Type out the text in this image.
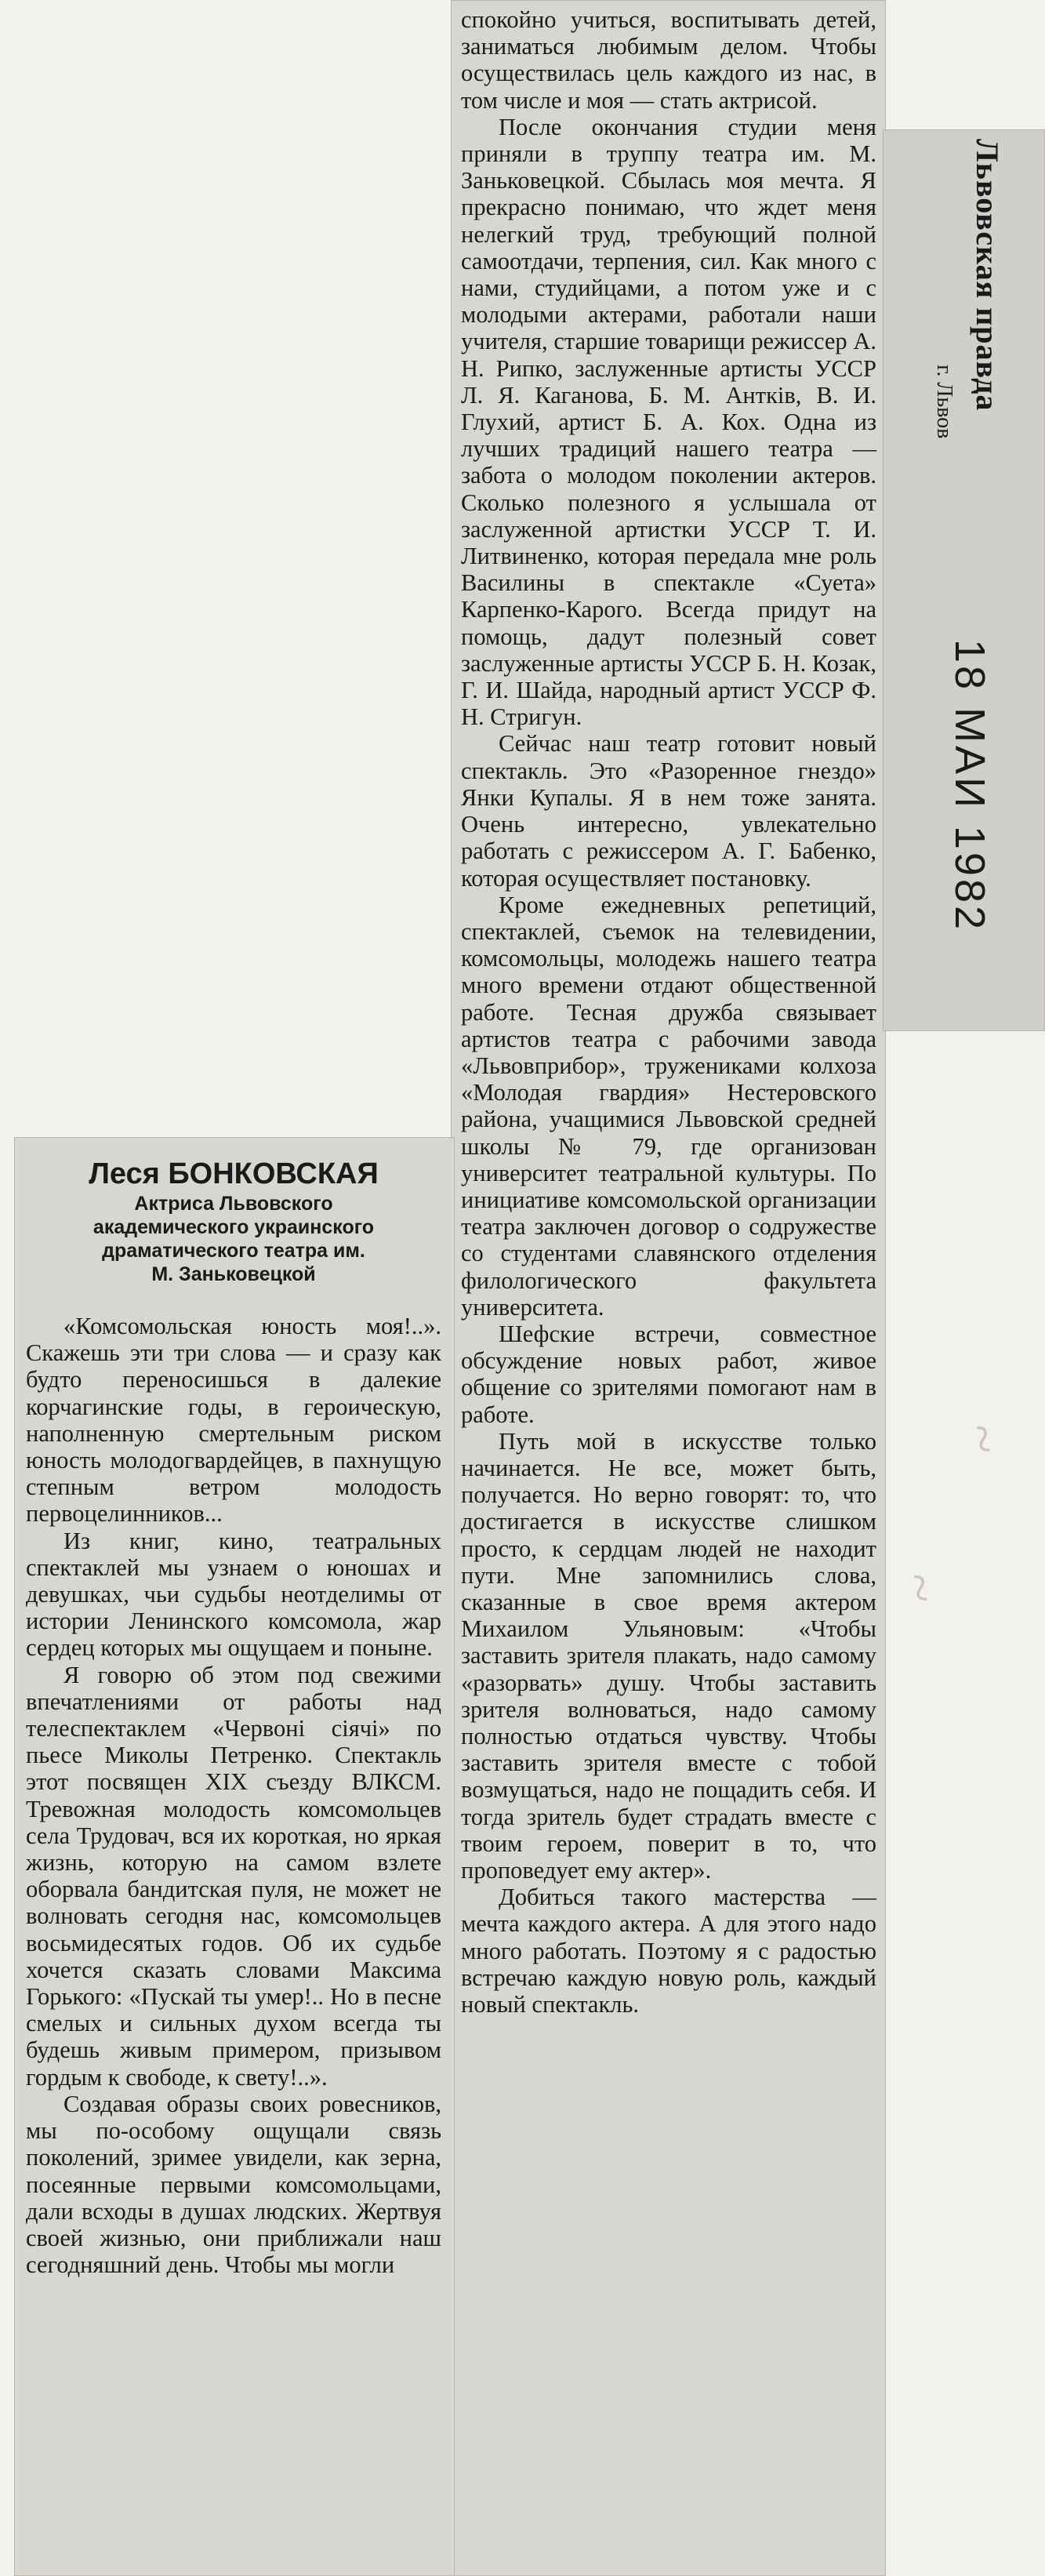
Львовская правда
г. Львов
18 МАИ 1982
~
~
Леся БОНКОВСКАЯ
Актриса Львовского
академического украинского
драматического театра им.
М. Заньковецкой

«Комсомольская юность моя!..». Скажешь эти три слова — и сразу как будто переносишься в далекие корчагинские годы, в героическую, наполненную смертельным риском юность молодогвардейцев, в пахнущую степным ветром молодость первоцелинников...

Из книг, кино, театральных спектаклей мы узнаем о юношах и девушках, чьи судьбы неотделимы от истории Ленинского комсомола, жар сердец которых мы ощущаем и поныне.

Я говорю об этом под свежими впечатлениями от работы над телеспектаклем «Червоні сiячi» по пьесе Миколы Петренко. Спектакль этот посвящен XIX съезду ВЛКСМ. Тревожная молодость комсомольцев села Трудовач, вся их короткая, но яркая жизнь, которую на самом взлете оборвала бандитская пуля, не может не волновать сегодня нас, комсомольцев восьмидесятых годов. Об их судьбе хочется сказать словами Максима Горького: «Пускай ты умер!.. Но в песне смелых и сильных духом всегда ты будешь живым примером, призывом гордым к свободе, к свету!..».

Создавая образы своих ровесников, мы по-особому ощущали связь поколений, зримее увидели, как зерна, посеянные первыми комсомольцами, дали всходы в душах людских. Жертвуя своей жизнью, они приближали наш сегодняшний день. Чтобы мы могли

спокойно учиться, воспитывать детей, заниматься любимым делом. Чтобы осуществилась цель каждого из нас, в том числе и моя — стать актрисой.

После окончания студии меня приняли в труппу театра им. М. Заньковецкой. Сбылась моя мечта. Я прекрасно понимаю, что ждет меня нелегкий труд, требующий полной самоотдачи, терпения, сил. Как много с нами, студийцами, а потом уже и с молодыми актерами, работали наши учителя, старшие товарищи режиссер А. Н. Рипко, заслуженные артисты УССР Л. Я. Каганова, Б. М. Антків, В. И. Глухий, артист Б. А. Кох. Одна из лучших традиций нашего театра — забота о молодом поколении актеров. Сколько полезного я услышала от заслуженной артистки УССР Т. И. Литвиненко, которая передала мне роль Василины в спектакле «Суета» Карпенко-Карого. Всегда придут на помощь, дадут полезный совет заслуженные артисты УССР Б. Н. Козак, Г. И. Шайда, народный артист УССР Ф. Н. Стригун.

Сейчас наш театр готовит новый спектакль. Это «Разоренное гнездо» Янки Купалы. Я в нем тоже занята. Очень интересно, увлекательно работать с режиссером А. Г. Бабенко, которая осуществляет постановку.

Кроме ежедневных репетиций, спектаклей, съемок на телевидении, комсомольцы, молодежь нашего театра много времени отдают общественной работе. Тесная дружба связывает артистов театра с рабочими завода «Львовприбор», тружениками колхоза «Молодая гвардия» Нестеровского района, учащимися Львовской средней школы № 79, где организован университет театральной культуры. По инициативе комсомольской организации театра заключен договор о содружестве со студентами славянского отделения филологического факультета университета.

Шефские встречи, совместное обсуждение новых работ, живое общение со зрителями помогают нам в работе.

Путь мой в искусстве только начинается. Не все, может быть, получается. Но верно говорят: то, что достигается в искусстве слишком просто, к сердцам людей не находит пути. Мне запомнились слова, сказанные в свое время актером Михаилом Ульяновым: «Чтобы заставить зрителя плакать, надо самому «разорвать» душу. Чтобы заставить зрителя волноваться, надо самому полностью отдаться чувству. Чтобы заставить зрителя вместе с тобой возмущаться, надо не пощадить себя. И тогда зритель будет страдать вместе с твоим героем, поверит в то, что проповедует ему актер».

Добиться такого мастерства — мечта каждого актера. А для этого надо много работать. Поэтому я с радостью встречаю каждую новую роль, каждый новый спектакль.
